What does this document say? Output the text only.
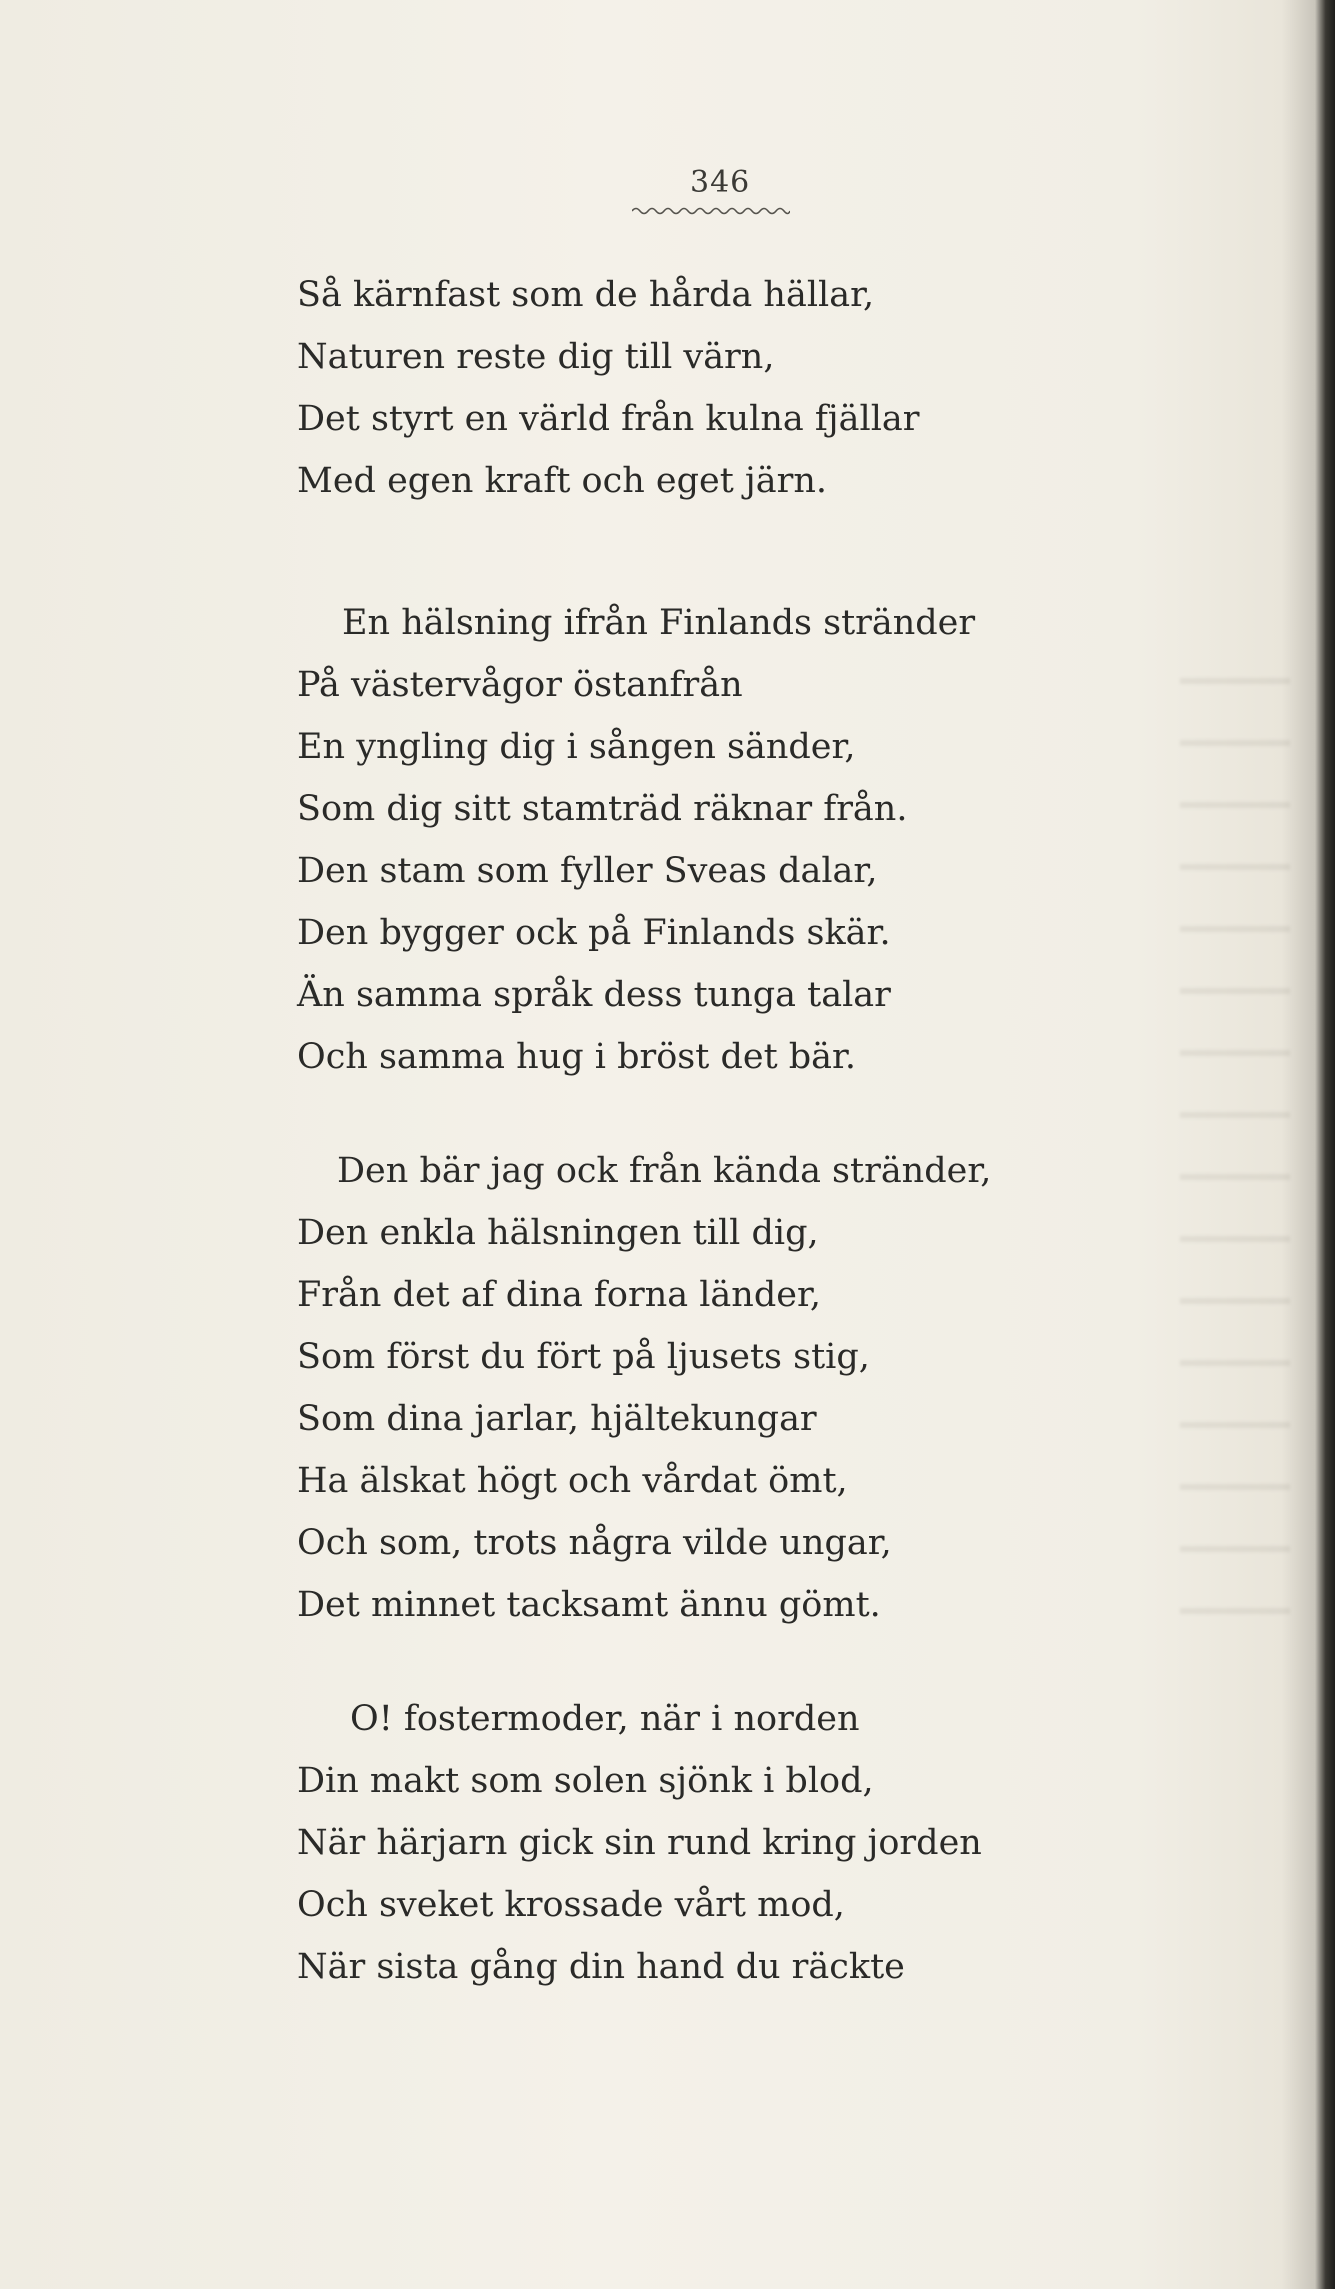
346
Så kärnfast som de hårda hällar,
Naturen reste dig till värn,
Det styrt en värld från kulna fjällar
Med egen kraft och eget järn.
En hälsning ifrån Finlands stränder
På västervågor östanfrån
En yngling dig i sången sänder,
Som dig sitt stamträd räknar från.
Den stam som fyller Sveas dalar,
Den bygger ock på Finlands skär.
Än samma språk dess tunga talar
Och samma hug i bröst det bär.
Den bär jag ock från kända stränder,
Den enkla hälsningen till dig,
Från det af dina forna länder,
Som först du fört på ljusets stig,
Som dina jarlar, hjältekungar
Ha älskat högt och vårdat ömt,
Och som, trots några vilde ungar,
Det minnet tacksamt ännu gömt.
O! fostermoder, när i norden
Din makt som solen sjönk i blod,
När härjarn gick sin rund kring jorden
Och sveket krossade vårt mod,
När sista gång din hand du räckte
